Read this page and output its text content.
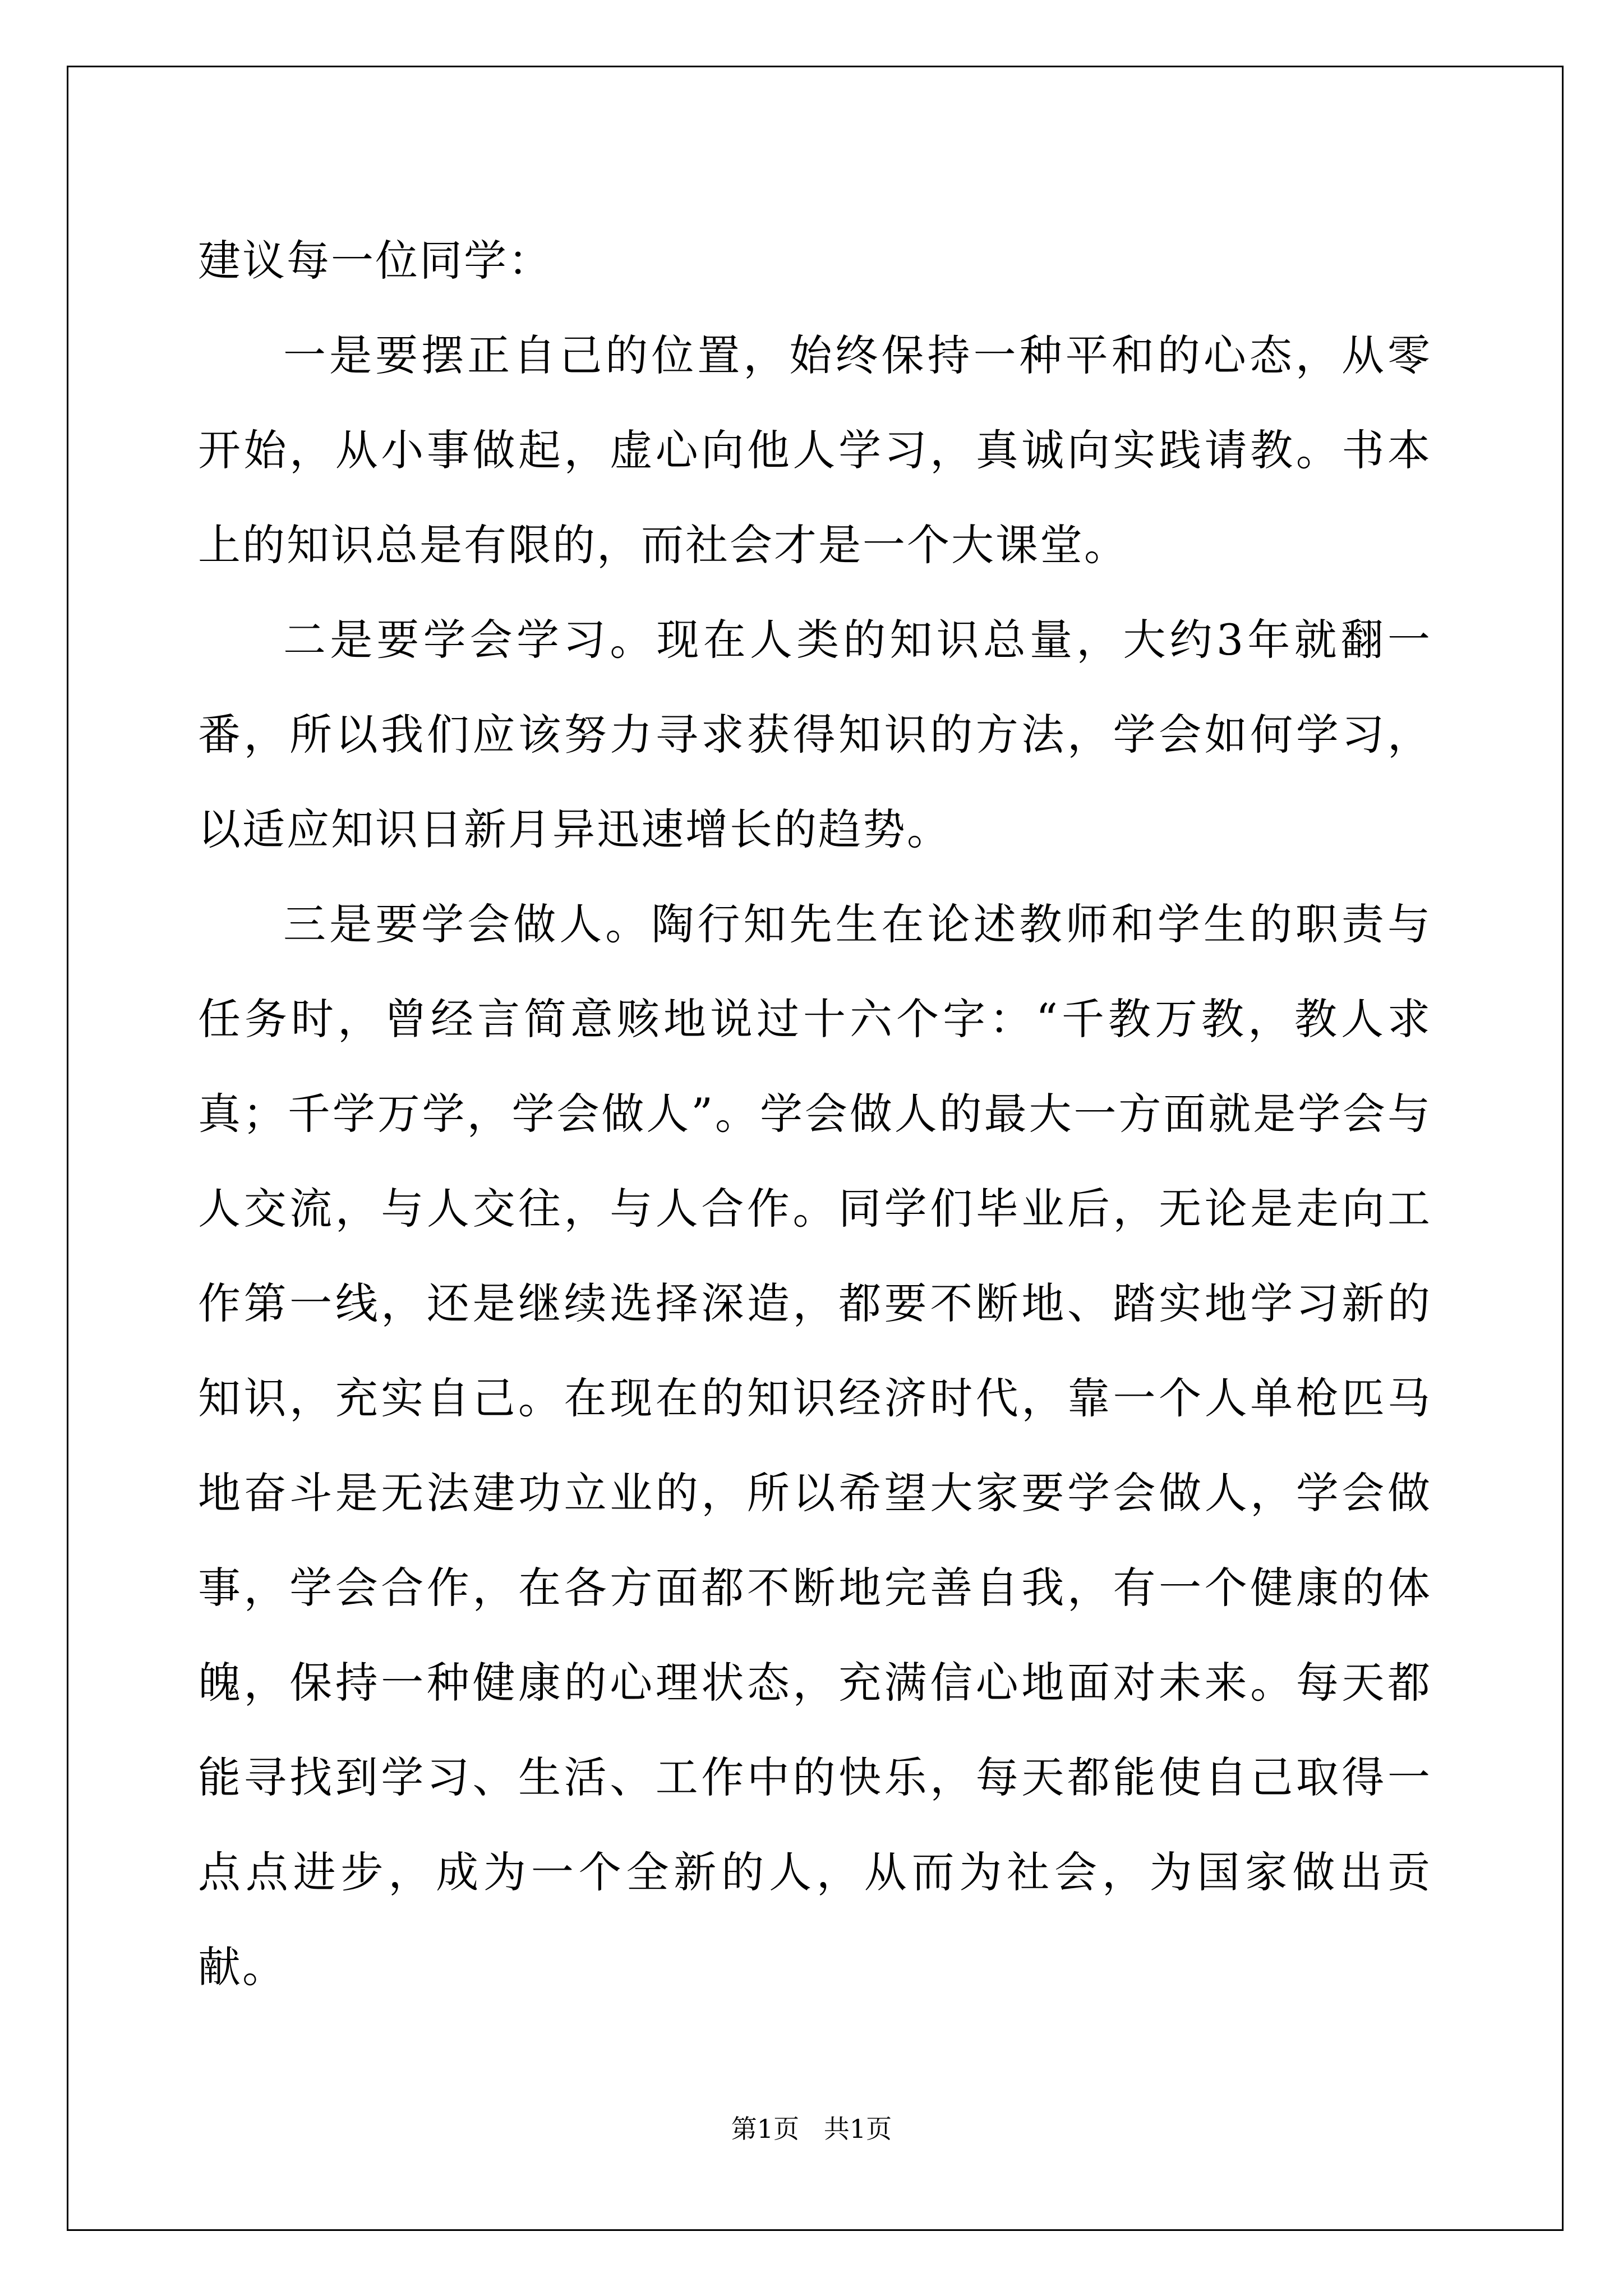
建议每一位同学：

一是要摆正自己的位置，始终保持一种平和的心态，从零开始，从小事做起，虚心向他人学习，真诚向实践请教。书本上的知识总是有限的，而社会才是一个大课堂。

二是要学会学习。现在人类的知识总量，大约3年就翻一番，所以我们应该努力寻求获得知识的方法，学会如何学习，以适应知识日新月异迅速增长的趋势。

三是要学会做人。陶行知先生在论述教师和学生的职责与任务时，曾经言简意赅地说过十六个字：“千教万教，教人求真；千学万学，学会做人”。学会做人的最大一方面就是学会与人交流，与人交往，与人合作。同学们毕业后，无论是走向工作第一线，还是继续选择深造，都要不断地、踏实地学习新的知识，充实自己。在现在的知识经济时代，靠一个人单枪匹马地奋斗是无法建功立业的，所以希望大家要学会做人，学会做事，学会合作，在各方面都不断地完善自我，有一个健康的体魄，保持一种健康的心理状态，充满信心地面对未来。每天都能寻找到学习、生活、工作中的快乐，每天都能使自己取得一点点进步，成为一个全新的人，从而为社会，为国家做出贡献。

第1页   共1页
